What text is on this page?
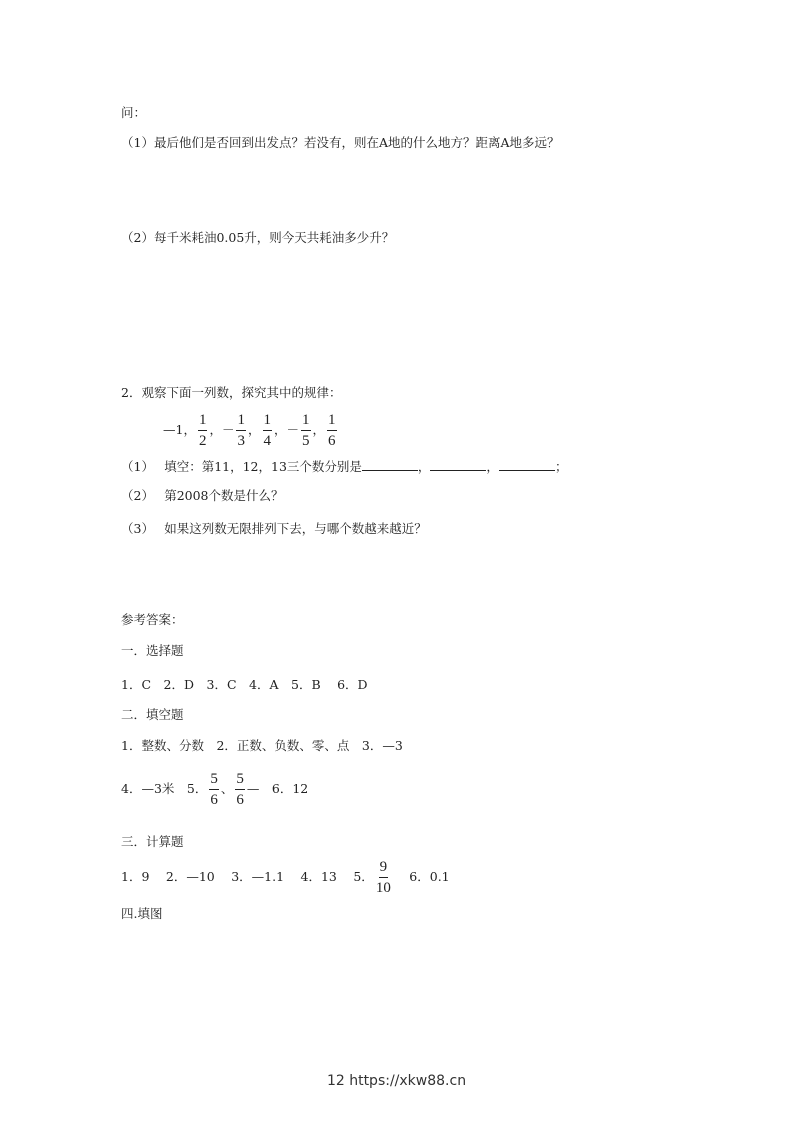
问：
（1）最后他们是否回到出发点？若没有，则在A地的什么地方？距离A地多远？
（2）每千米耗油0.05升，则今天共耗油多少升？
2．观察下面一列数，探究其中的规律：
—1， $\frac{1}{2}$ ， － $\frac{1}{3}$ ， $\frac{1}{4}$ ， － $\frac{1}{5}$ ， $\frac{1}{6}$
（1）　 填空：第11，12，13三个数分别是	，	，	；
（2）　 第2008个数是什么？
（3）　 如果这列数无限排列下去，与哪个数越来越近？
参考答案：
一．选择题
1．C　2．D　3．C　4．A　5．B　 6．D
二．填空题
1．整数、分数　2．正数、负数、零、点　3．—3
4．—3米　5． $\frac{5}{6}$ 、 $\frac{5}{6}$ — 　6．12
三．计算题
1．9　 2．—10　 3．—1.1　 4．13　 5． $\frac{9}{10}$ 　 6．0.1
四.填图
12 https://xkw88.cn
